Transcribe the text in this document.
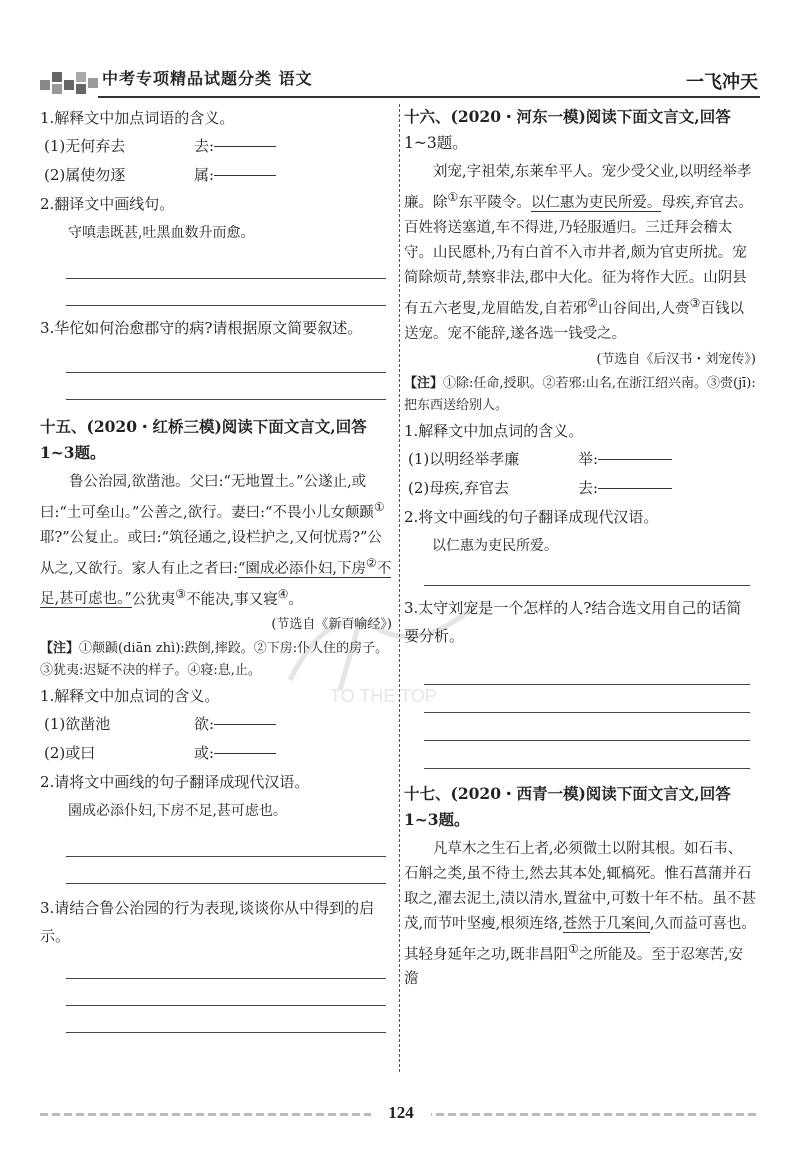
中考专项精品试题分类 语文	一飞冲天

1.解释文中加点词语的含义。

(1)无何弃去	去:
(2)属使勿逐	属:

2.翻译文中画线句。

守嗔恚既甚,吐黑血数升而愈。

3.华佗如何治愈郡守的病?请根据原文简要叙述。

十五、(2020・红桥三模)阅读下面文言文,回答

1~3题。

鲁公治园,欲凿池。父曰:“无地置土。”公遂止,或曰:“土可垒山。”公善之,欲行。妻曰:“不畏小儿女颠踬①耶?”公复止。或曰:“筑径通之,设栏护之,又何忧焉?”公从之,又欲行。家人有止之者曰:“園成必添仆妇,下房②不足,甚可虑也。”公犹夷③不能决,事又寝④。

(节选自《新百喻经》)

【注】①颠踬(diān zhì):跌倒,摔跤。②下房:仆人住的房子。③犹夷:迟疑不决的样子。④寝:息,止。

1.解释文中加点词的含义。

(1)欲凿池	欲:
(2)或曰	或:

2.请将文中画线的句子翻译成现代汉语。

園成必添仆妇,下房不足,甚可虑也。

3.请结合鲁公治园的行为表现,谈谈你从中得到的启示。

十六、(2020・河东一模)阅读下面文言文,回答

1~3题。

刘宠,字祖荣,东莱牟平人。宠少受父业,以明经举孝廉。除①东平陵令。以仁惠为吏民所爱。母疾,弃官去。百姓将送塞道,车不得进,乃轻服遁归。三迁拜会稽太守。山民愿朴,乃有白首不入市井者,颇为官吏所扰。宠简除烦苛,禁察非法,郡中大化。征为将作大匠。山阴县有五六老叟,龙眉皓发,自若邪②山谷间出,人赍③百钱以送宠。宠不能辞,遂各选一钱受之。

(节选自《后汉书・刘宠传》)

【注】①除:任命,授职。②若邪:山名,在浙江绍兴南。③赍(jī):把东西送给别人。

1.解释文中加点词的含义。

(1)以明经举孝廉	举:
(2)母疾,弃官去	去:

2.将文中画线的句子翻译成现代汉语。

以仁惠为吏民所爱。

3.太守刘宠是一个怎样的人?结合选文用自己的话简要分析。

十七、(2020・西青一模)阅读下面文言文,回答

1~3题。

凡草木之生石上者,必须微土以附其根。如石韦、石斛之类,虽不待土,然去其本处,辄槁死。惟石菖蒲并石取之,濯去泥土,渍以清水,置盆中,可数十年不枯。虽不甚茂,而节叶坚瘦,根须连络,苍然于几案间,久而益可喜也。其轻身延年之功,既非昌阳①之所能及。至于忍寒苦,安澹

TO THE TOP
124
